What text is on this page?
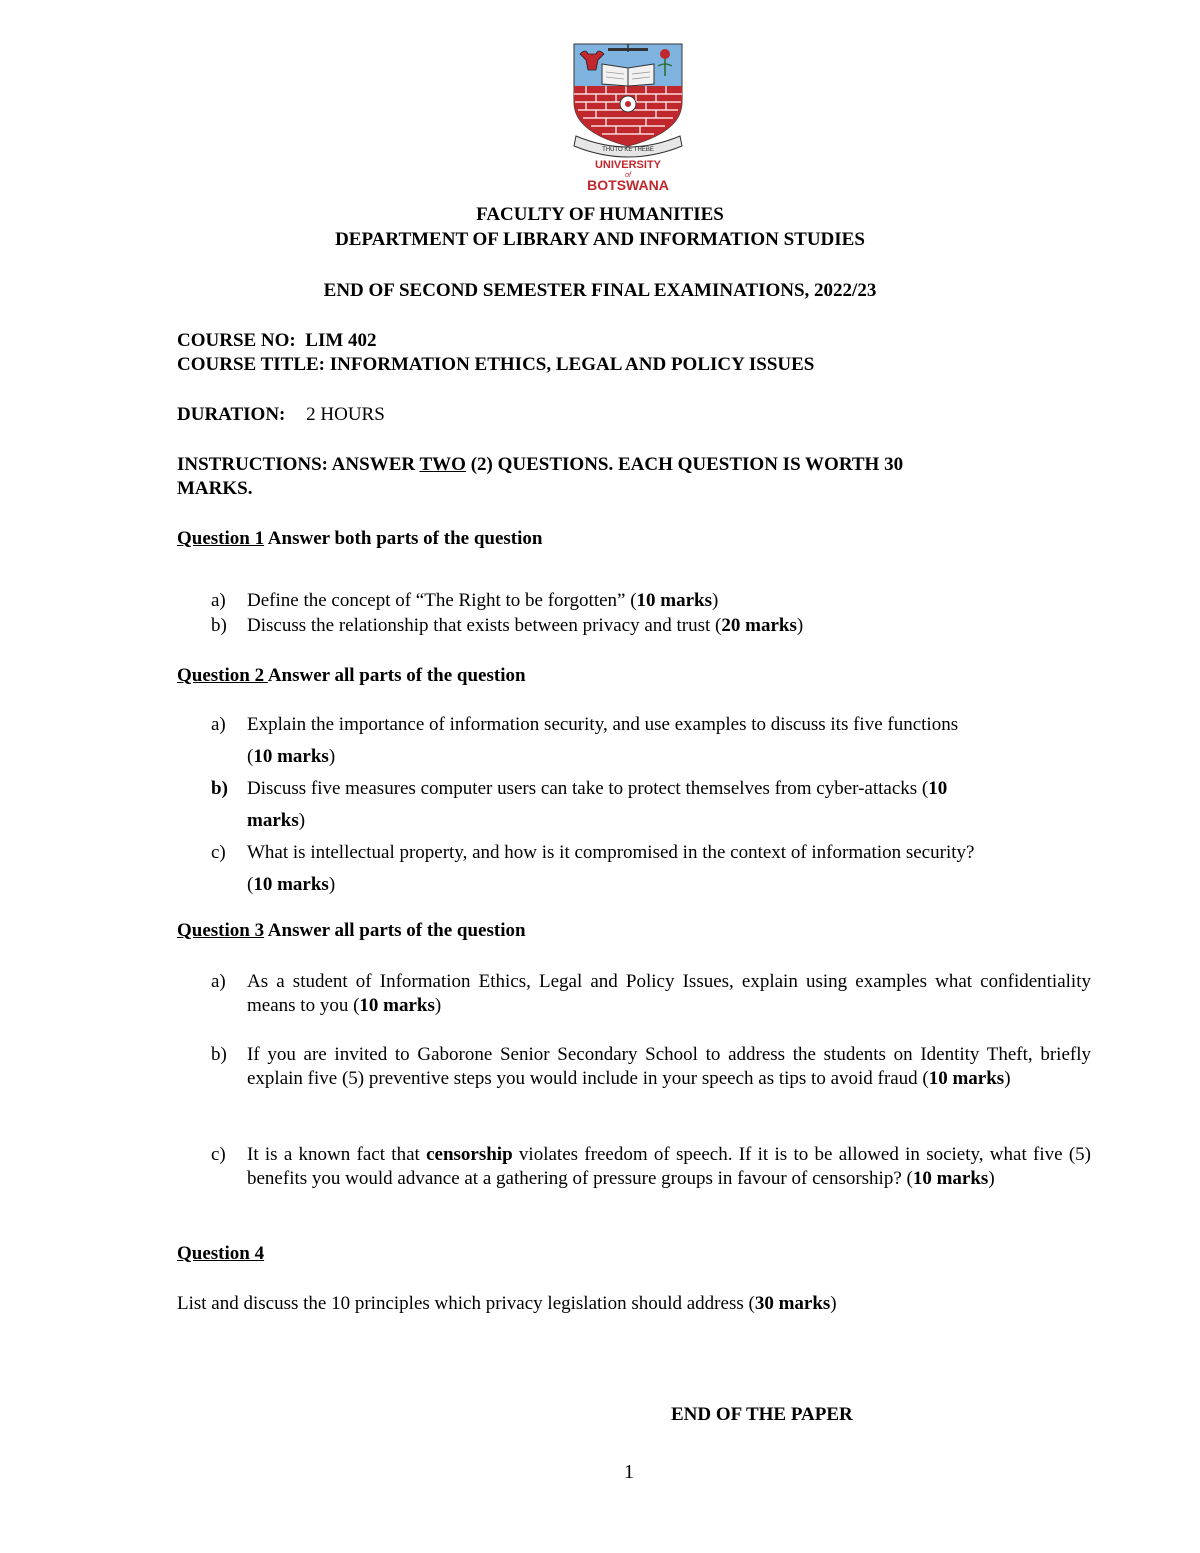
THUTO KE THEBE
UNIVERSITY
of
BOTSWANA
FACULTY OF HUMANITIES
DEPARTMENT OF LIBRARY AND INFORMATION STUDIES
END OF SECOND SEMESTER FINAL EXAMINATIONS, 2022/23
COURSE NO: LIM 402
COURSE TITLE: INFORMATION ETHICS, LEGAL AND POLICY ISSUES
DURATION: 2 HOURS
INSTRUCTIONS: ANSWER TWO (2) QUESTIONS. EACH QUESTION IS WORTH 30
MARKS.
Question 1 Answer both parts of the question
a) Define the concept of “The Right to be forgotten” (10 marks)
b) Discuss the relationship that exists between privacy and trust (20 marks)
Question 2 Answer all parts of the question
a) Explain the importance of information security, and use examples to discuss its five functions
(10 marks)
b) Discuss five measures computer users can take to protect themselves from cyber-attacks (10
marks)
c) What is intellectual property, and how is it compromised in the context of information security?
(10 marks)
Question 3 Answer all parts of the question
a) As a student of Information Ethics, Legal and Policy Issues, explain using examples what confidentiality means to you (10 marks)
b) If you are invited to Gaborone Senior Secondary School to address the students on Identity Theft, briefly explain five (5) preventive steps you would include in your speech as tips to avoid fraud (10 marks)
c) It is a known fact that censorship violates freedom of speech. If it is to be allowed in society, what five (5) benefits you would advance at a gathering of pressure groups in favour of censorship? (10 marks)
Question 4
List and discuss the 10 principles which privacy legislation should address (30 marks)
END OF THE PAPER
1
